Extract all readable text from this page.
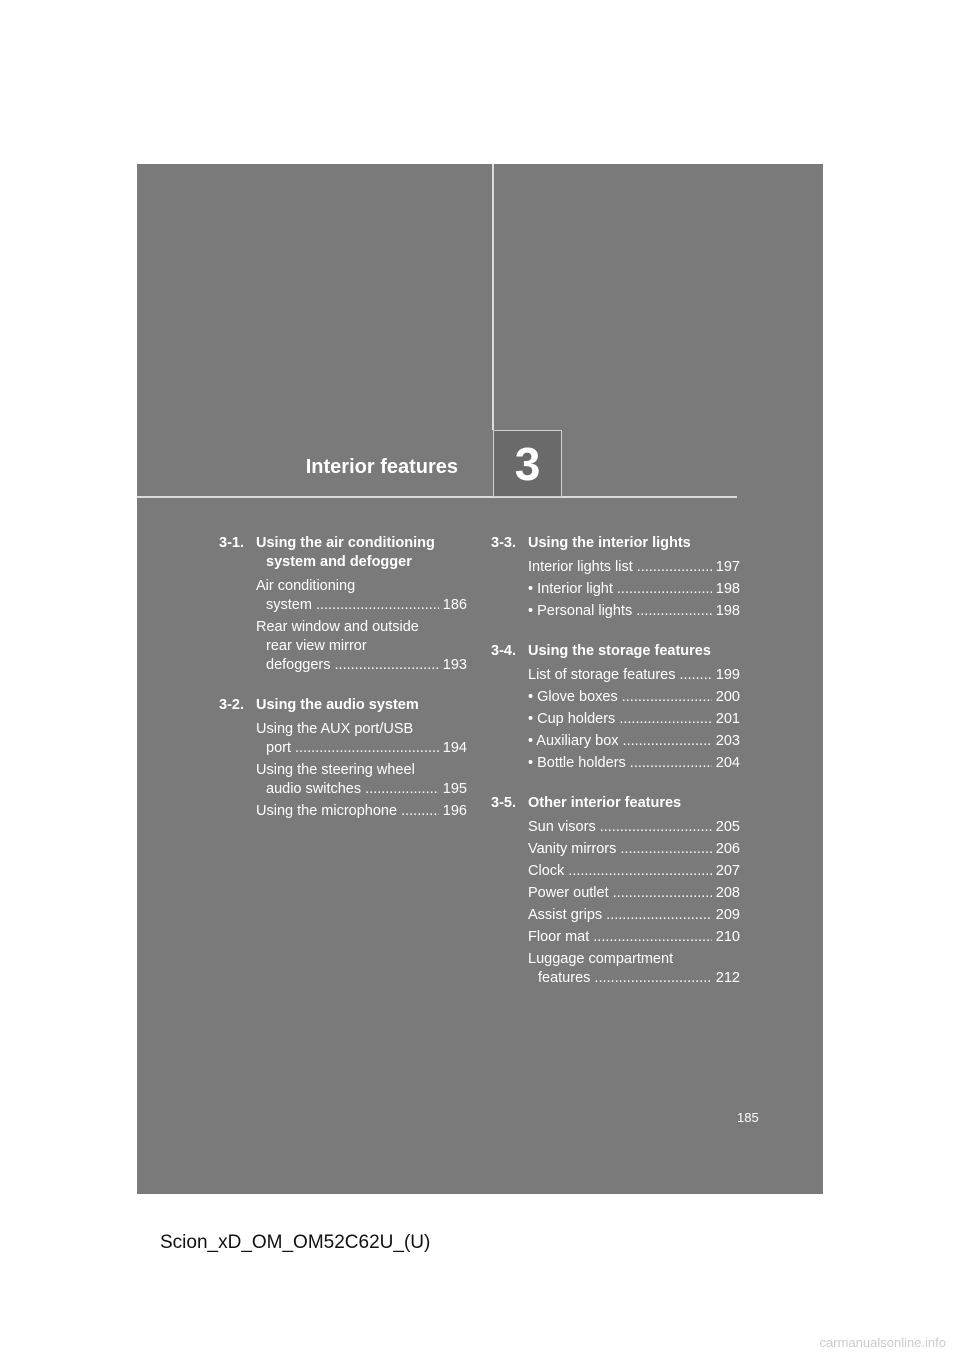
Interior features 3
3-1. Using the air conditioning
system and defogger
Air conditioning
system .....	186
Rear window and outside
rear view mirror
defoggers .....	193
3-2. Using the audio system
Using the AUX port/USB
port .....	194
Using the steering wheel
audio switches .....	195
Using the microphone .....	196
3-3. Using the interior lights
Interior lights list .....	197
• Interior light .....	198
• Personal lights .....	198
3-4. Using the storage features
List of storage features .....	199
• Glove boxes .....	200
• Cup holders .....	201
• Auxiliary box .....	203
• Bottle holders .....	204
3-5. Other interior features
Sun visors .....	205
Vanity mirrors .....	206
Clock .....	207
Power outlet .....	208
Assist grips .....	209
Floor mat .....	210
Luggage compartment
features .....	212
185
Scion_xD_OM_OM52C62U_(U)
carmanualsonline.info
